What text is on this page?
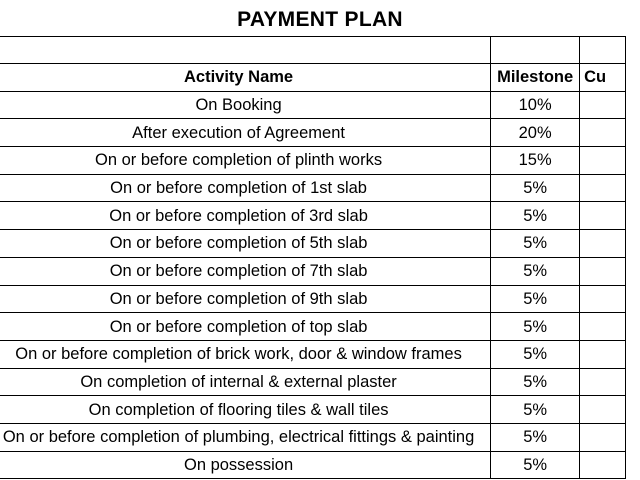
PAYMENT PLAN

Activity Name	Milestone	Cu
On Booking	10%	
After execution of Agreement	20%	
On or before completion of plinth works	15%	
On or before completion of 1st slab	5%	
On or before completion of 3rd slab	5%	
On or before completion of 5th slab	5%	
On or before completion of 7th slab	5%	
On or before completion of 9th slab	5%	
On or before completion of top slab	5%	
On or before completion of brick work, door & window frames	5%	
On completion of internal & external plaster	5%	
On completion of flooring tiles & wall tiles	5%	
On or before completion of plumbing, electrical fittings & painting	5%	
On possession	5%	
